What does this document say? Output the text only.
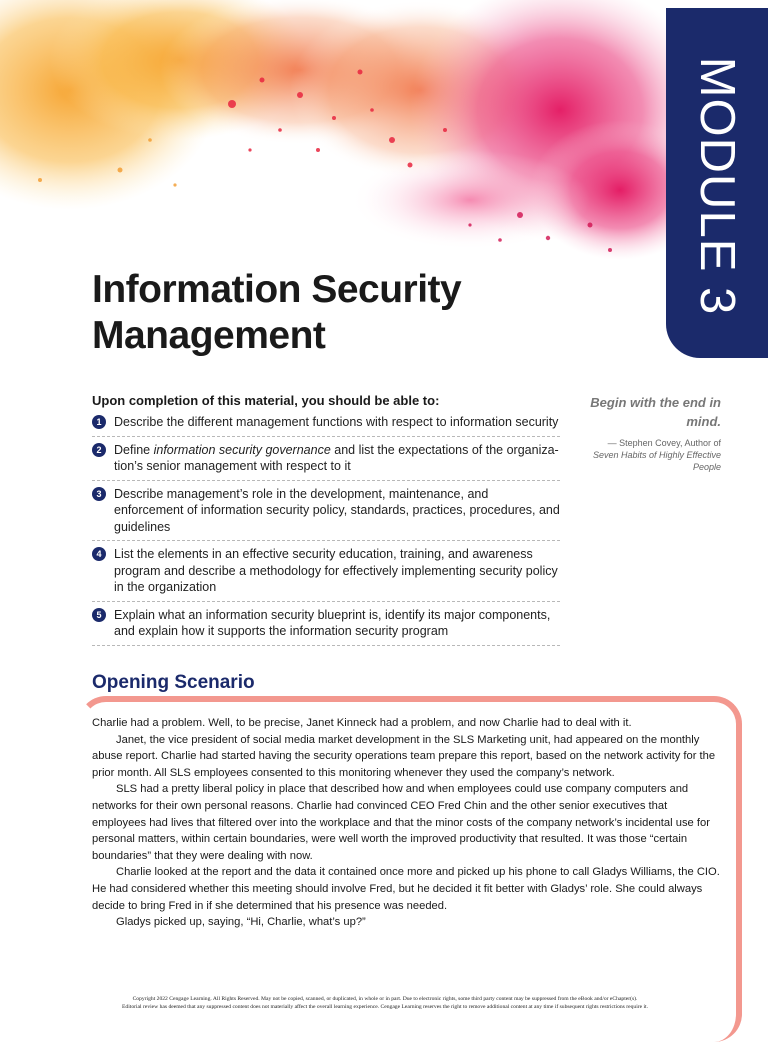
MODULE 3
Information Security
Management
Upon completion of this material, you should be able to:
1	Describe the different management functions with respect to information security
2	Define information security governance and list the expectations of the organiza-tion’s senior management with respect to it
3	Describe management’s role in the development, maintenance, and enforcement of information security policy, standards, practices, procedures, and guidelines
4	List the elements in an effective security education, training, and awareness program and describe a methodology for effectively implementing security policy in the organization
5	Explain what an information security blueprint is, identify its major components, and explain how it supports the information security program
Begin with the end in mind.
— Stephen Covey, Author of
Seven Habits of Highly Effective People
Opening Scenario

Charlie had a problem. Well, to be precise, Janet Kinneck had a problem, and now Charlie had to deal with it.

Janet, the vice president of social media market development in the SLS Marketing unit, had appeared on the monthly abuse report. Charlie had started having the security operations team prepare this report, based on the network activity for the prior month. All SLS employees consented to this monitoring whenever they used the company’s network.

SLS had a pretty liberal policy in place that described how and when employees could use company computers and networks for their own personal reasons. Charlie had convinced CEO Fred Chin and the other senior executives that employees had lives that filtered over into the workplace and that the minor costs of the company network’s incidental use for personal matters, within certain boundaries, were well worth the improved productivity that resulted. It was those “certain boundaries” that they were dealing with now.

Charlie looked at the report and the data it contained once more and picked up his phone to call Gladys Williams, the CIO. He had considered whether this meeting should involve Fred, but he decided it fit better with Gladys’ role. She could always decide to bring Fred in if she determined that his presence was needed.

Gladys picked up, saying, “Hi, Charlie, what’s up?”

Copyright 2022 Cengage Learning. All Rights Reserved. May not be copied, scanned, or duplicated, in whole or in part. Due to electronic rights, some third party content may be suppressed from the eBook and/or eChapter(s).
Editorial review has deemed that any suppressed content does not materially affect the overall learning experience. Cengage Learning reserves the right to remove additional content at any time if subsequent rights restrictions require it.
